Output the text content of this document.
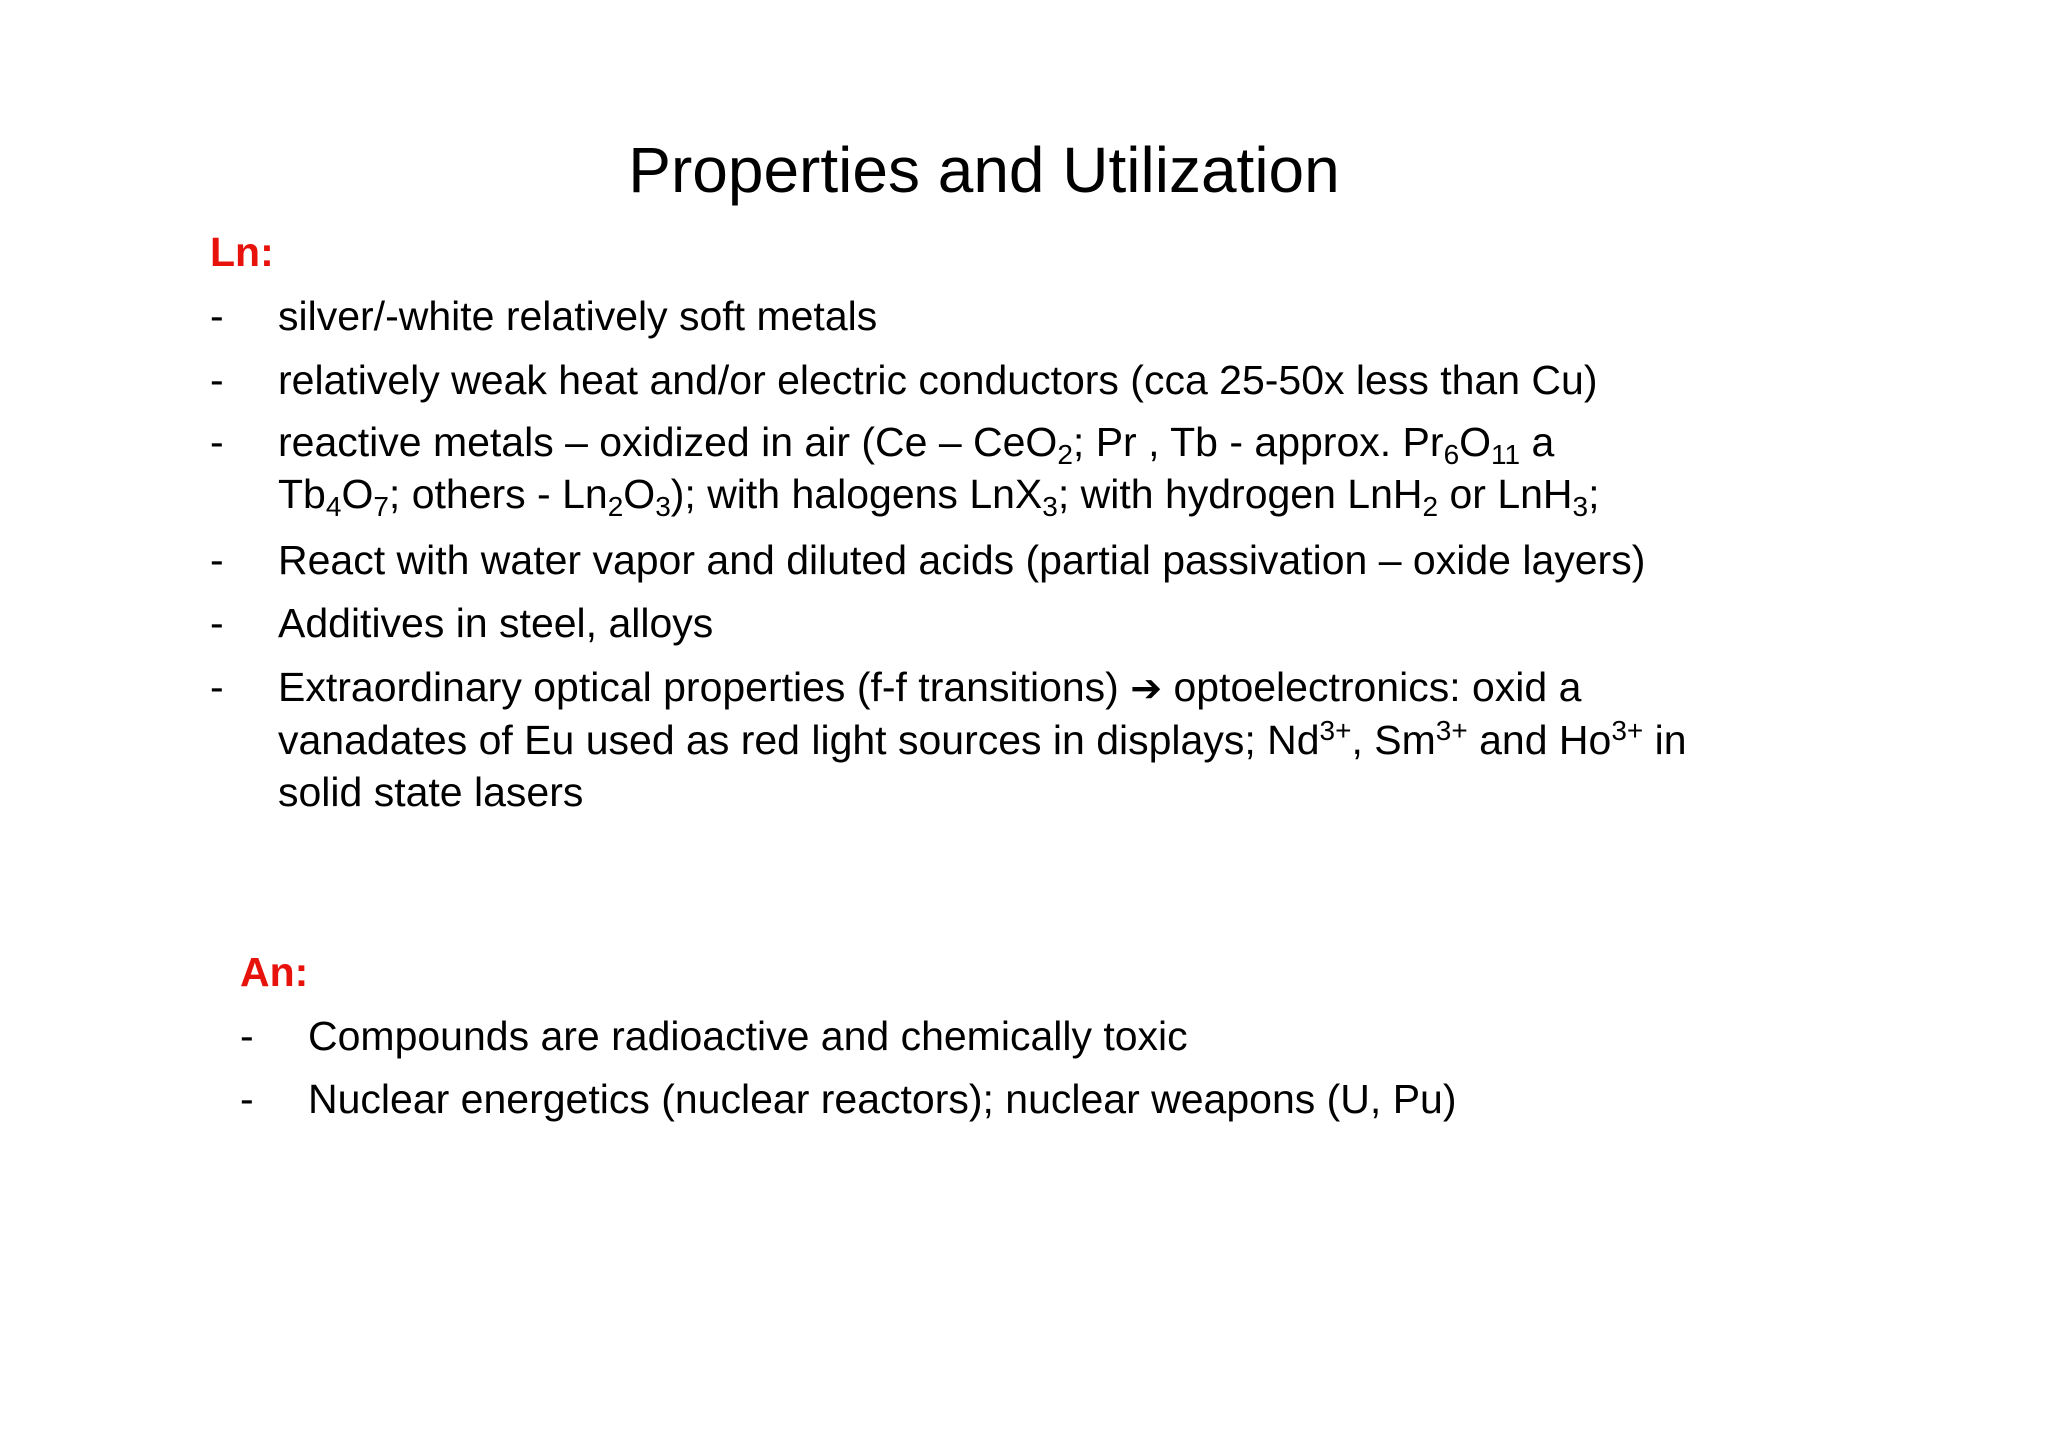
Properties and Utilization
Ln:
-	silver/-white relatively soft metals
-	relatively weak heat and/or electric conductors (cca 25-50x less than Cu)
-	reactive metals – oxidized in air (Ce – CeO$_2$; Pr , Tb - approx. $Pr_6O_{11}$ a
$Tb_4O_7$; others - $Ln_2O_3$); with halogens LnX$_3$; with hydrogen LnH$_2$ or LnH$_3$;
-	React with water vapor and diluted acids (partial passivation – oxide layers)
-	Additives in steel, alloys
-	Extraordinary optical properties (f-f transitions) ➔ optoelectronics: oxid a
vanadates of Eu used as red light sources in displays; $Nd^{3+}$, $Sm^{3+}$ and $Ho^{3+}$ in
solid state lasers
An:
-	Compounds are radioactive and chemically toxic
-	Nuclear energetics (nuclear reactors); nuclear weapons (U, Pu)
